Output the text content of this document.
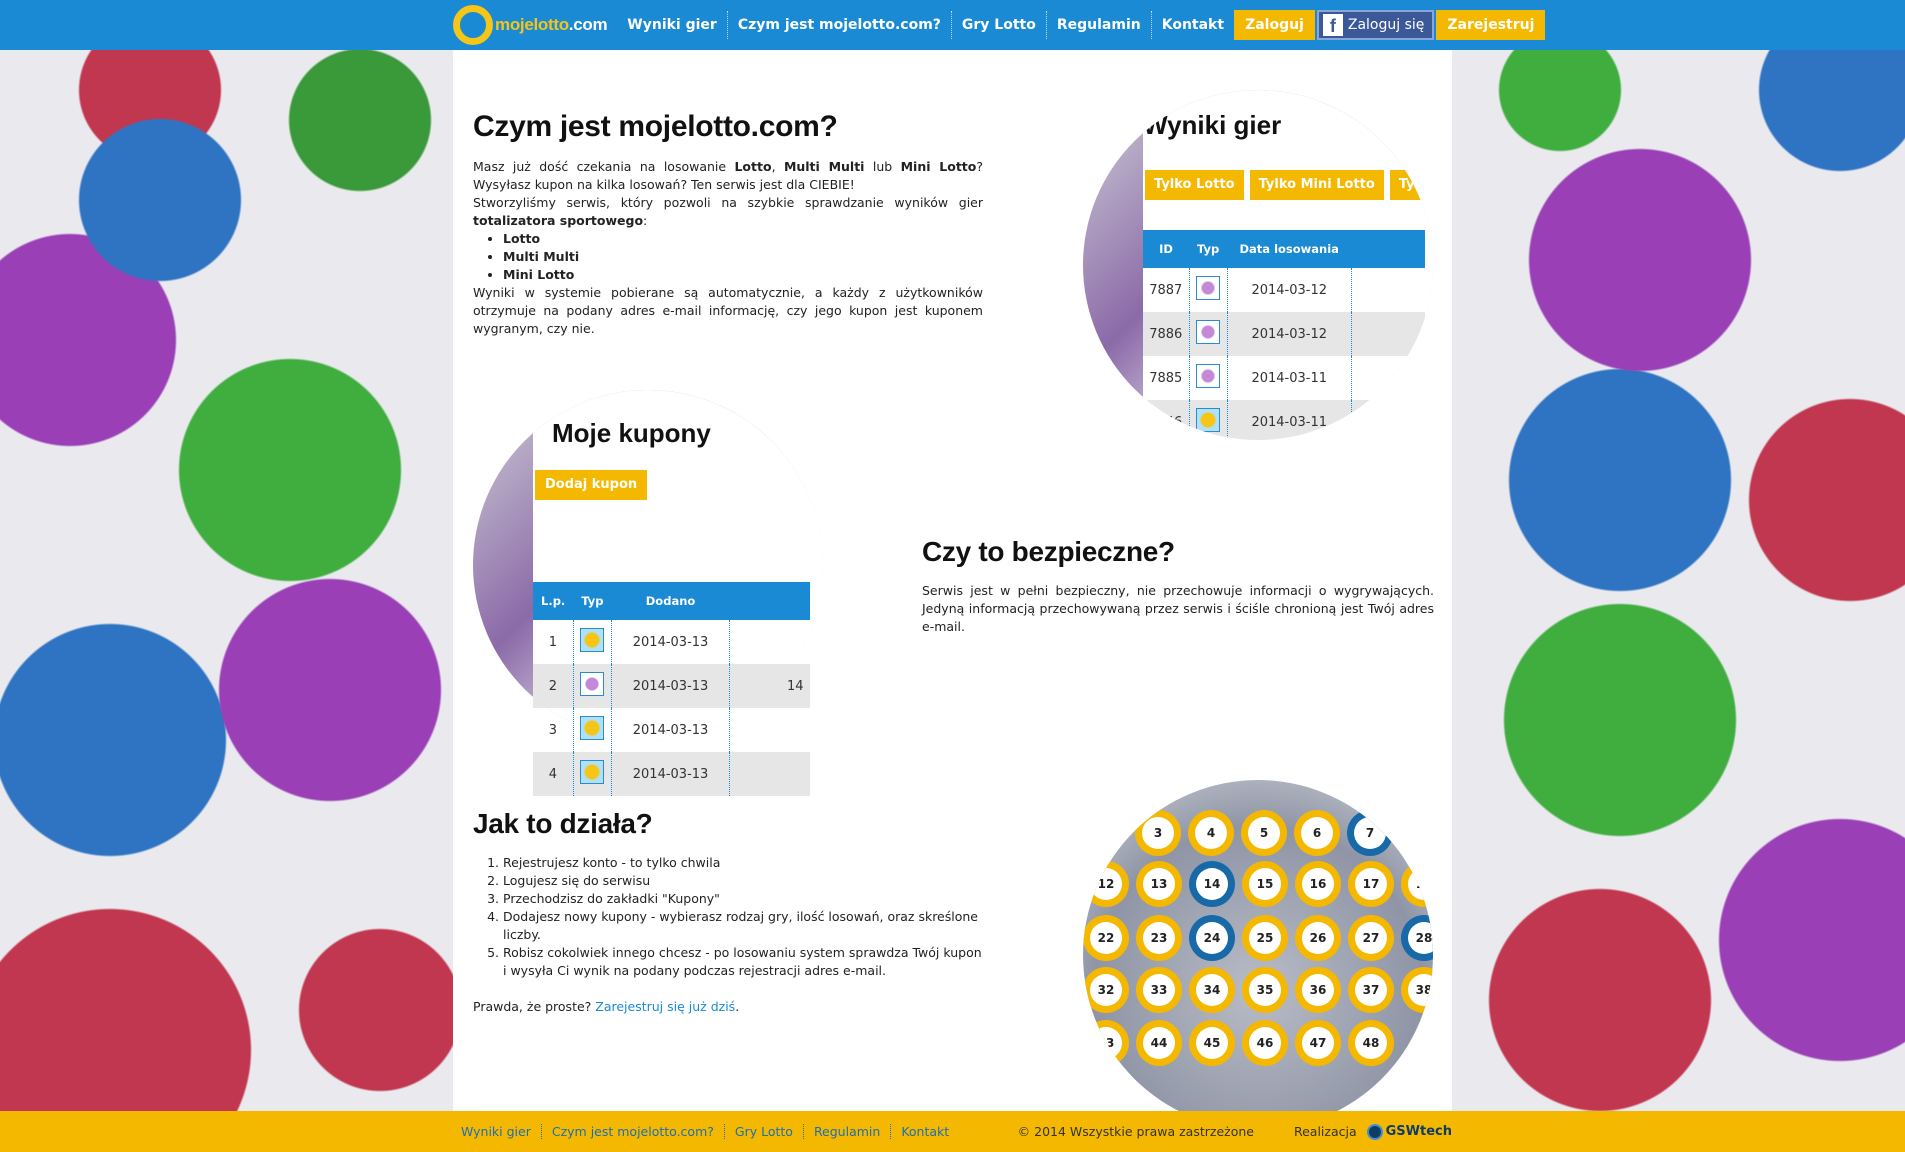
mojelotto.com	Wyniki gier	Czym jest mojelotto.com?	Gry Lotto	Regulamin	Kontakt	Zaloguj	f Zaloguj się	Zarejestruj
Czym jest mojelotto.com?

Masz już dość czekania na losowanie Lotto, Multi Multi lub Mini Lotto? Wysyłasz kupon na kilka losowań? Ten serwis jest dla CIEBIE!

Stworzyliśmy serwis, który pozwoli na szybkie sprawdzanie wyników gier totalizatora sportowego:

• Lotto
• Multi Multi
• Mini Lotto

Wyniki w systemie pobierane są automatycznie, a każdy z użytkowników otrzymuje na podany adres e-mail informację, czy jego kupon jest kuponem wygranym, czy nie.

Wyniki gier
Tylko Lotto	Tylko Mini Lotto	Ty
ID	Typ	Data losowania	
7887		2014-03-12	
7886		2014-03-12	
7885		2014-03-11	
5446		2014-03-11	
Moje kupony
Dodaj kupon
L.p.	Typ	Dodano	
1		2014-03-13	
2		2014-03-13	14
3		2014-03-13	
4		2014-03-13	
Czy to bezpieczne?

Serwis jest w pełni bezpieczny, nie przechowuje informacji o wygrywających. Jedyną informacją przechowywaną przez serwis i ściśle chronioną jest Twój adres e-mail.

Jak to działa?
1. Rejestrujesz konto - to tylko chwila
2. Logujesz się do serwisu
3. Przechodzisz do zakładki "Kupony"
4. Dodajesz nowy kupony - wybierasz rodzaj gry, ilość losowań, oraz skreślone liczby.
5. Robisz cokolwiek innego chcesz - po losowaniu system sprawdza Twój kupon i wysyła Ci wynik na podany podczas rejestracji adres e-mail.

Prawda, że proste? Zarejestruj się już dziś.

3	4	5	6	7
12	13	14	15	16	17	18
22	23	24	25	26	27	28
32	33	34	35	36	37	38
43	44	45	46	47	48
Wyniki gier	Czym jest mojelotto.com?	Gry Lotto	Regulamin	Kontakt	© 2014 Wszystkie prawa zastrzeżone	Realizacja GSWtech
